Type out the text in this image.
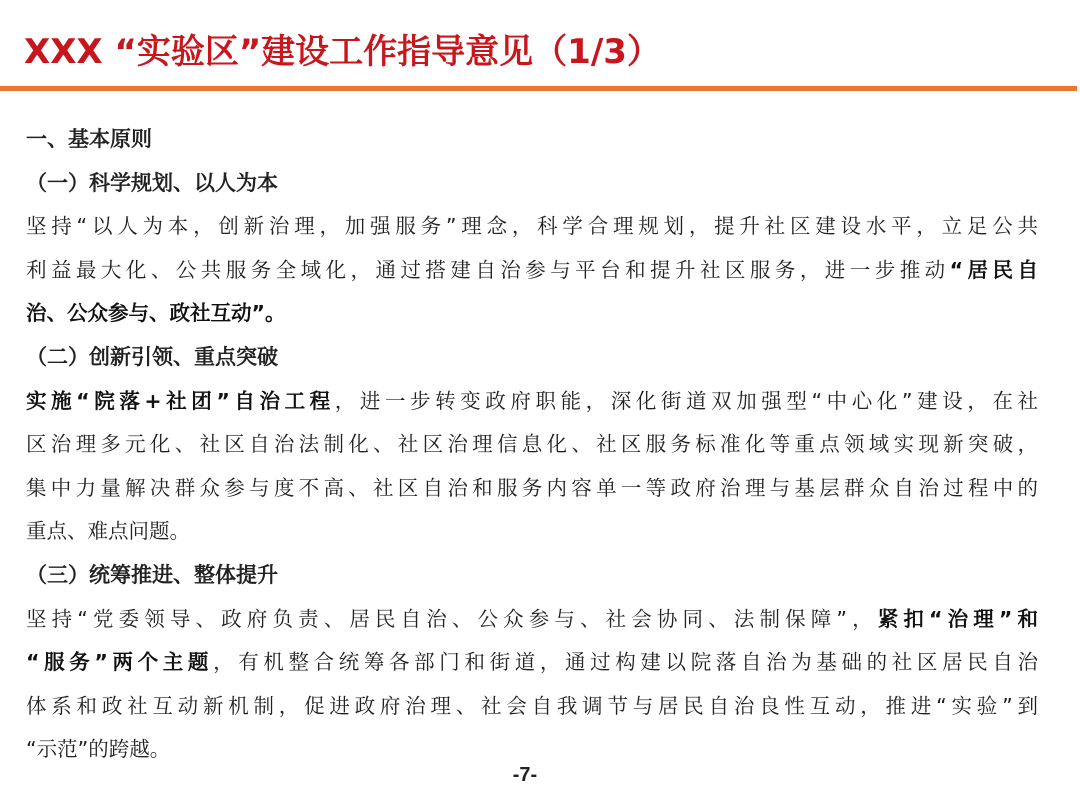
XXX “实验区”建设工作指导意见（1/3）
一、基本原则
（一）科学规划、以人为本
坚持“以人为本，创新治理，加强服务”理念，科学合理规划，提升社区建设水平，立足公共
利益最大化、公共服务全域化，通过搭建自治参与平台和提升社区服务，进一步推动“居民自
治、公众参与、政社互动”。
（二）创新引领、重点突破
实施“院落+社团”自治工程，进一步转变政府职能，深化街道双加强型“中心化”建设，在社
区治理多元化、社区自治法制化、社区治理信息化、社区服务标准化等重点领域实现新突破，
集中力量解决群众参与度不高、社区自治和服务内容单一等政府治理与基层群众自治过程中的
重点、难点问题。
（三）统筹推进、整体提升
坚持“党委领导、政府负责、居民自治、公众参与、社会协同、法制保障”，紧扣“治理”和
“服务”两个主题，有机整合统筹各部门和街道，通过构建以院落自治为基础的社区居民自治
体系和政社互动新机制，促进政府治理、社会自我调节与居民自治良性互动，推进“实验”到
“示范”的跨越。
-7-
